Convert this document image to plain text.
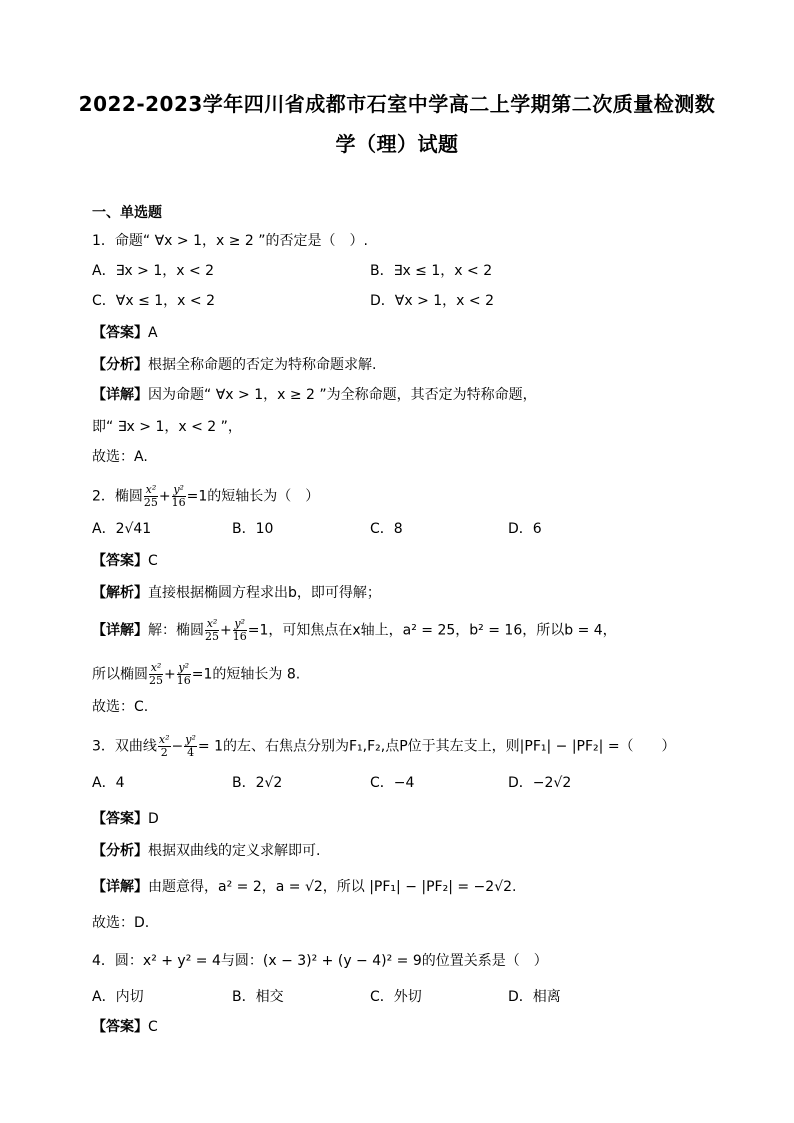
2022-2023学年四川省成都市石室中学高二上学期第二次质量检测数
学（理）试题
一、单选题
1．命题“ ∀x > 1，x ≥ 2 ”的否定是（　）.
A．∃x > 1，x < 2	B．∃x ≤ 1，x < 2
C．∀x ≤ 1，x < 2	D．∀x > 1，x < 2
【答案】A
【分析】根据全称命题的否定为特称命题求解.
【详解】因为命题“ ∀x > 1，x ≥ 2 ”为全称命题，其否定为特称命题，
即“ ∃x > 1，x < 2 ”，
故选：A.
2．椭圆 $\frac{\text{x²}}{25} + \frac{\text{y²}}{16} =1$的短轴长为（　）
A．2√41	B．10	C．8	D．6
【答案】C
【解析】直接根据椭圆方程求出b，即可得解；
【详解】解：椭圆 $\frac{\text{x²}}{25} + \frac{\text{y²}}{16} =1$，可知焦点在x轴上，a² = 25，b² = 16，所以b = 4，
所以椭圆 $\frac{\text{x²}}{25} + \frac{\text{y²}}{16} =1$的短轴长为 8.
故选：C.
3．双曲线 $\frac{\text{x²}}{2} - \frac{\text{y²}}{4} = 1$的左、右焦点分别为F₁,F₂,点P位于其左支上，则|PF₁| − |PF₂| =（　　）
A．4	B．2√2	C．−4	D．−2√2
【答案】D
【分析】根据双曲线的定义求解即可.
【详解】由题意得，a² = 2，a = √2，所以 |PF₁| − |PF₂| = −2√2.
故选：D.
4．圆：x² + y² = 4与圆：(x − 3)² + (y − 4)² = 9的位置关系是（　）
A．内切	B．相交	C．外切	D．相离
【答案】C
